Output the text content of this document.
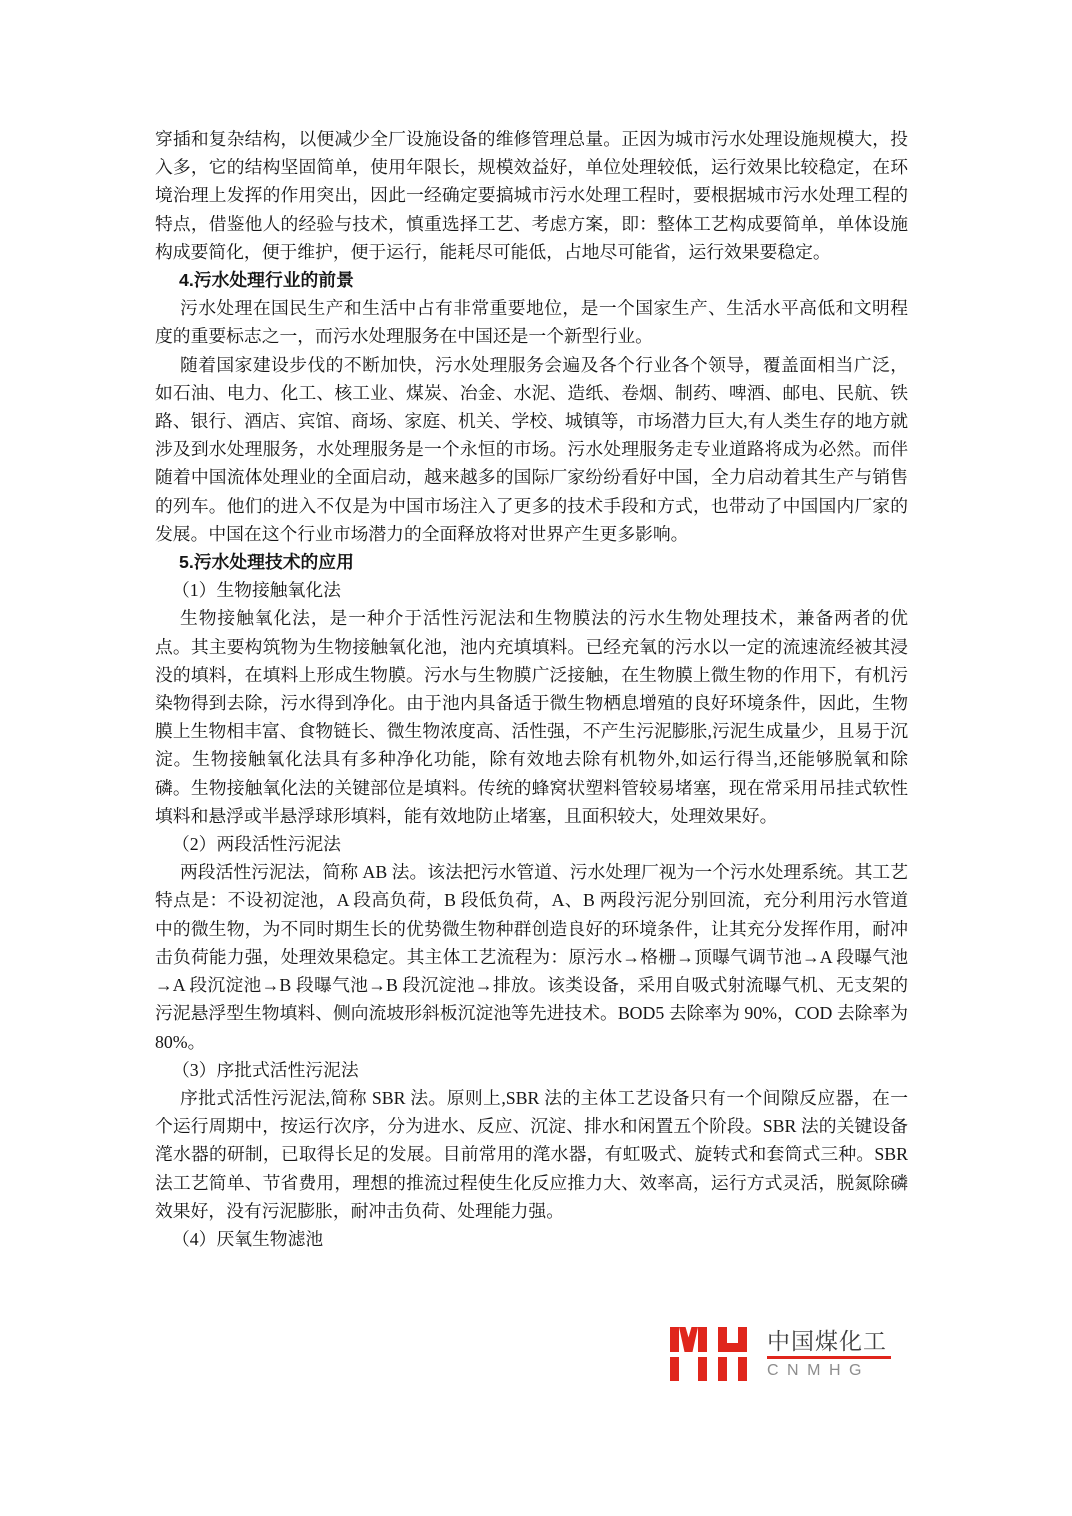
穿插和复杂结构，以便减少全厂设施设备的维修管理总量。正因为城市污水处理设施规模大，投入多，它的结构坚固简单，使用年限长，规模效益好，单位处理较低，运行效果比较稳定，在环境治理上发挥的作用突出，因此一经确定要搞城市污水处理工程时，要根据城市污水处理工程的特点，借鉴他人的经验与技术，慎重选择工艺、考虑方案，即：整体工艺构成要简单，单体设施构成要简化，便于维护，便于运行，能耗尽可能低，占地尽可能省，运行效果要稳定。

4.污水处理行业的前景

污水处理在国民生产和生活中占有非常重要地位，是一个国家生产、生活水平高低和文明程度的重要标志之一，而污水处理服务在中国还是一个新型行业。

随着国家建设步伐的不断加快，污水处理服务会遍及各个行业各个领导，覆盖面相当广泛，如石油、电力、化工、核工业、煤炭、冶金、水泥、造纸、卷烟、制药、啤酒、邮电、民航、铁路、银行、酒店、宾馆、商场、家庭、机关、学校、城镇等，市场潜力巨大,有人类生存的地方就涉及到水处理服务，水处理服务是一个永恒的市场。污水处理服务走专业道路将成为必然。而伴随着中国流体处理业的全面启动，越来越多的国际厂家纷纷看好中国，全力启动着其生产与销售的列车。他们的进入不仅是为中国市场注入了更多的技术手段和方式，也带动了中国国内厂家的发展。中国在这个行业市场潜力的全面释放将对世界产生更多影响。

5.污水处理技术的应用

（1）生物接触氧化法

生物接触氧化法，是一种介于活性污泥法和生物膜法的污水生物处理技术，兼备两者的优点。其主要构筑物为生物接触氧化池，池内充填填料。已经充氧的污水以一定的流速流经被其浸没的填料，在填料上形成生物膜。污水与生物膜广泛接触，在生物膜上微生物的作用下，有机污染物得到去除，污水得到净化。由于池内具备适于微生物栖息增殖的良好环境条件，因此，生物膜上生物相丰富、食物链长、微生物浓度高、活性强，不产生污泥膨胀,污泥生成量少，且易于沉淀。生物接触氧化法具有多种净化功能，除有效地去除有机物外,如运行得当,还能够脱氧和除磷。生物接触氧化法的关键部位是填料。传统的蜂窝状塑料管较易堵塞，现在常采用吊挂式软性填料和悬浮或半悬浮球形填料，能有效地防止堵塞，且面积较大，处理效果好。

（2）两段活性污泥法

两段活性污泥法，简称 AB 法。该法把污水管道、污水处理厂视为一个污水处理系统。其工艺特点是：不设初淀池，A 段高负荷，B 段低负荷，A、B 两段污泥分别回流，充分利用污水管道中的微生物，为不同时期生长的优势微生物种群创造良好的环境条件，让其充分发挥作用，耐冲击负荷能力强，处理效果稳定。其主体工艺流程为：原污水→格栅→顶曝气调节池→A 段曝气池→A 段沉淀池→B 段曝气池→B 段沉淀池→排放。该类设备，采用自吸式射流曝气机、无支架的污泥悬浮型生物填料、侧向流坡形斜板沉淀池等先进技术。BOD5 去除率为 90%，COD 去除率为 80%。

（3）序批式活性污泥法

序批式活性污泥法,简称 SBR 法。原则上,SBR 法的主体工艺设备只有一个间隙反应器，在一个运行周期中，按运行次序，分为进水、反应、沉淀、排水和闲置五个阶段。SBR 法的关键设备滗水器的研制，已取得长足的发展。目前常用的滗水器，有虹吸式、旋转式和套筒式三种。SBR 法工艺简单、节省费用，理想的推流过程使生化反应推力大、效率高，运行方式灵活，脱氮除磷效果好，没有污泥膨胀，耐冲击负荷、处理能力强。

（4）厌氧生物滤池

中国煤化工
CNMHG
